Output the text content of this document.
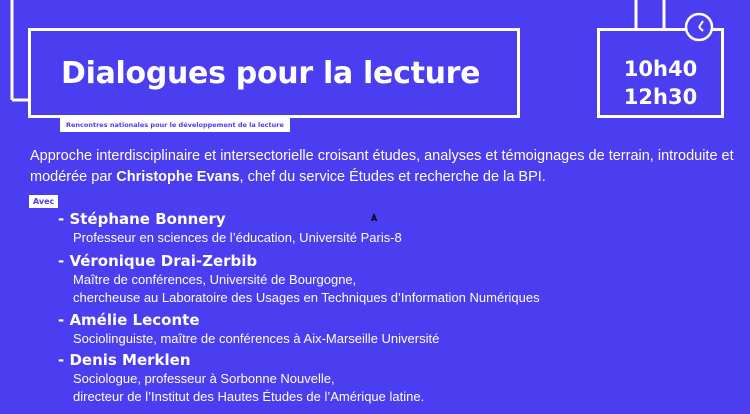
Dialogues pour la lecture
Rencontres nationales pour le développement de la lecture
10h40
12h30
Approche interdisciplinaire et intersectorielle croisant études, analyses et témoignages de terrain, introduite et modérée par Christophe Evans, chef du service Études et recherche de la BPI.
Avec
Â
- Stéphane Bonnery
Professeur en sciences de l’éducation, Université Paris-8
- Véronique Drai-Zerbib
Maître de conférences, Université de Bourgogne,
chercheuse au Laboratoire des Usages en Techniques d’Information Numériques
- Amélie Leconte
Sociolinguiste, maître de conférences à Aix-Marseille Université
- Denis Merklen
Sociologue, professeur à Sorbonne Nouvelle,
directeur de l’Institut des Hautes Études de l’Amérique latine.
